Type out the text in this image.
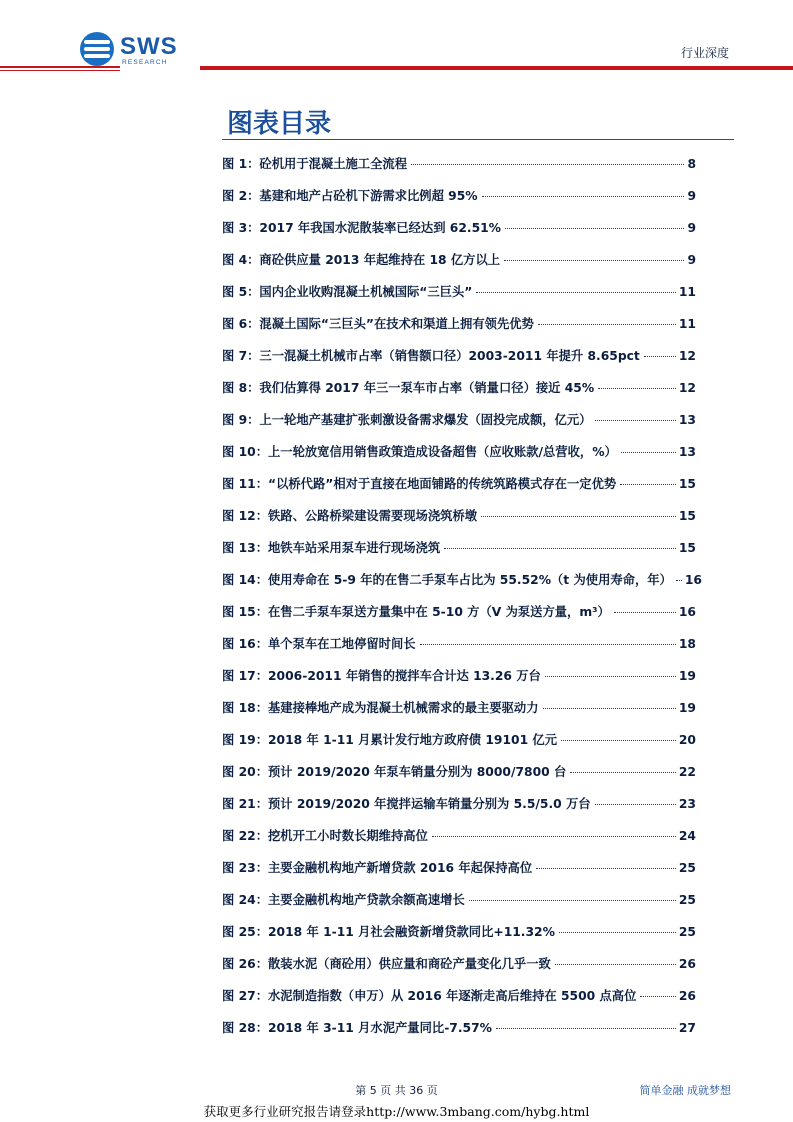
SWS
RESEARCH
行业深度
图表目录
图 1：砼机用于混凝土施工全流程	8
图 2：基建和地产占砼机下游需求比例超 95%	9
图 3：2017 年我国水泥散装率已经达到 62.51%	9
图 4：商砼供应量 2013 年起维持在 18 亿方以上	9
图 5：国内企业收购混凝土机械国际“三巨头”	11
图 6：混凝土国际“三巨头”在技术和渠道上拥有领先优势	11
图 7：三一混凝土机械市占率（销售额口径）2003-2011 年提升 8.65pct	12
图 8：我们估算得 2017 年三一泵车市占率（销量口径）接近 45%	12
图 9：上一轮地产基建扩张刺激设备需求爆发（固投完成额，亿元）	13
图 10：上一轮放宽信用销售政策造成设备超售（应收账款/总营收，%）	13
图 11：“以桥代路”相对于直接在地面铺路的传统筑路模式存在一定优势	15
图 12：铁路、公路桥梁建设需要现场浇筑桥墩	15
图 13：地铁车站采用泵车进行现场浇筑	15
图 14：使用寿命在 5-9 年的在售二手泵车占比为 55.52%（t 为使用寿命，年） 16
图 15：在售二手泵车泵送方量集中在 5-10 方（V 为泵送方量，m³）	16
图 16：单个泵车在工地停留时间长	18
图 17：2006-2011 年销售的搅拌车合计达 13.26 万台	19
图 18：基建接棒地产成为混凝土机械需求的最主要驱动力	19
图 19：2018 年 1-11 月累计发行地方政府债 19101 亿元	20
图 20：预计 2019/2020 年泵车销量分别为 8000/7800 台	22
图 21：预计 2019/2020 年搅拌运输车销量分别为 5.5/5.0 万台	23
图 22：挖机开工小时数长期维持高位	24
图 23：主要金融机构地产新增贷款 2016 年起保持高位	25
图 24：主要金融机构地产贷款余额高速增长	25
图 25：2018 年 1-11 月社会融资新增贷款同比+11.32%	25
图 26：散装水泥（商砼用）供应量和商砼产量变化几乎一致	26
图 27：水泥制造指数（申万）从 2016 年逐渐走高后维持在 5500 点高位	26
图 28：2018 年 3-11 月水泥产量同比-7.57%	27
第 5 页 共 36 页	简单金融 成就梦想
获取更多行业研究报告请登录http://www.3mbang.com/hybg.html
